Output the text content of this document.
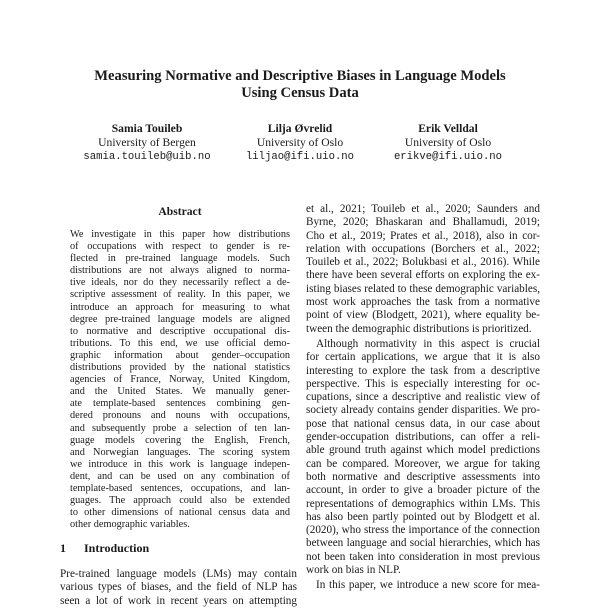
Measuring Normative and Descriptive Biases in Language Models
Using Census Data
Samia Touileb
University of Bergen
samia.touileb@uib.no
Lilja Øvrelid
University of Oslo
liljao@ifi.uio.no
Erik Velldal
University of Oslo
erikve@ifi.uio.no
Abstract
We investigate in this paper how distributions
of occupations with respect to gender is re-
flected in pre-trained language models. Such
distributions are not always aligned to norma-
tive ideals, nor do they necessarily reflect a de-
scriptive assessment of reality. In this paper, we
introduce an approach for measuring to what
degree pre-trained language models are aligned
to normative and descriptive occupational dis-
tributions. To this end, we use official demo-
graphic information about gender–occupation
distributions provided by the national statistics
agencies of France, Norway, United Kingdom,
and the United States. We manually gener-
ate template-based sentences combining gen-
dered pronouns and nouns with occupations,
and subsequently probe a selection of ten lan-
guage models covering the English, French,
and Norwegian languages. The scoring system
we introduce in this work is language indepen-
dent, and can be used on any combination of
template-based sentences, occupations, and lan-
guages. The approach could also be extended
to other dimensions of national census data and
other demographic variables.
1 Introduction
Pre-trained language models (LMs) may contain
various types of biases, and the field of NLP has
seen a lot of work in recent years on attempting
et al., 2021; Touileb et al., 2020; Saunders and
Byrne, 2020; Bhaskaran and Bhallamudi, 2019;
Cho et al., 2019; Prates et al., 2018), also in cor-
relation with occupations (Borchers et al., 2022;
Touileb et al., 2022; Bolukbasi et al., 2016). While
there have been several efforts on exploring the ex-
isting biases related to these demographic variables,
most work approaches the task from a normative
point of view (Blodgett, 2021), where equality be-
tween the demographic distributions is prioritized.
Although normativity in this aspect is crucial
for certain applications, we argue that it is also
interesting to explore the task from a descriptive
perspective. This is especially interesting for oc-
cupations, since a descriptive and realistic view of
society already contains gender disparities. We pro-
pose that national census data, in our case about
gender-occupation distributions, can offer a reli-
able ground truth against which model predictions
can be compared. Moreover, we argue for taking
both normative and descriptive assessments into
account, in order to give a broader picture of the
representations of demographics within LMs. This
has also been partly pointed out by Blodgett et al.
(2020), who stress the importance of the connection
between language and social hierarchies, which has
not been taken into consideration in most previous
work on bias in NLP.
In this paper, we introduce a new score for mea-
